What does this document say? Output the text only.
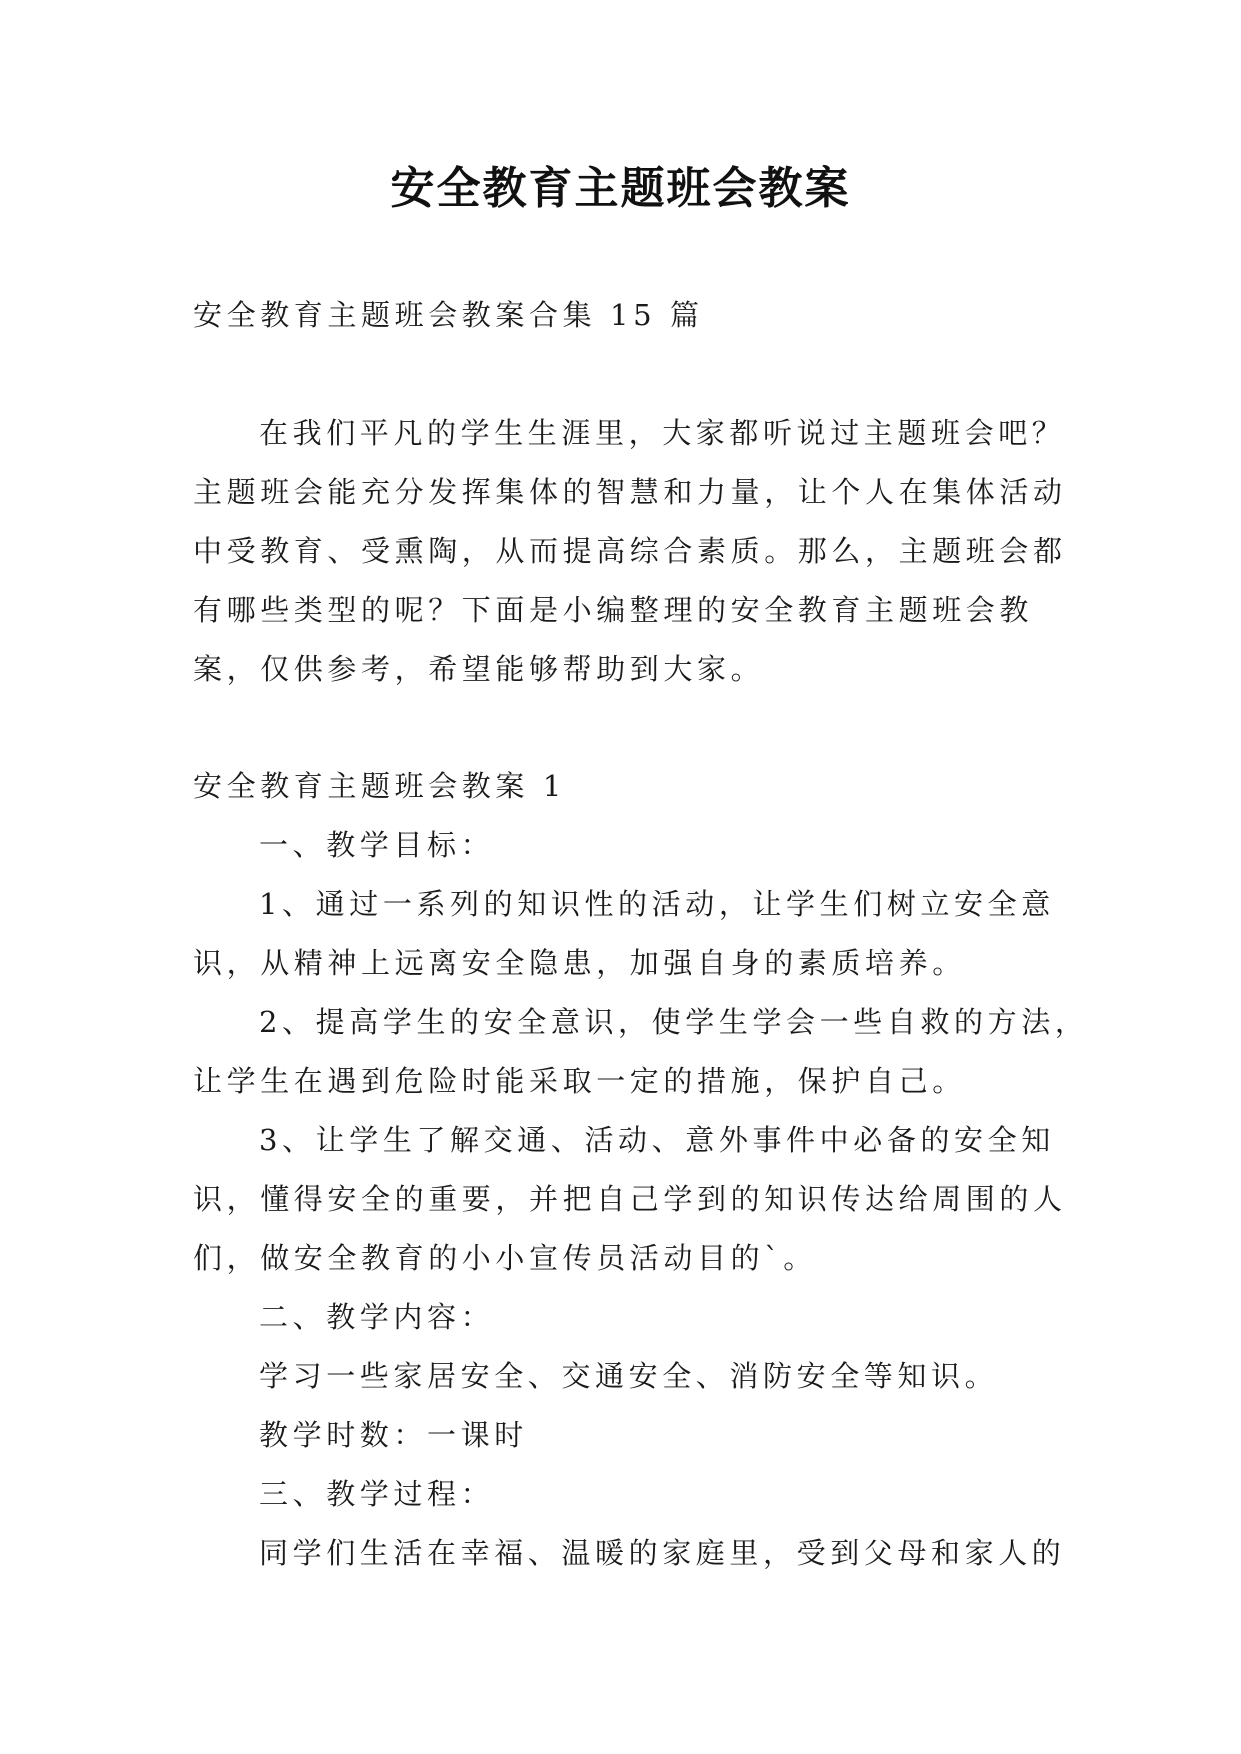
安全教育主题班会教案
安全教育主题班会教案合集 15 篇
在我们平凡的学生生涯里，大家都听说过主题班会吧？
主题班会能充分发挥集体的智慧和力量，让个人在集体活动
中受教育、受熏陶，从而提高综合素质。那么，主题班会都
有哪些类型的呢？下面是小编整理的安全教育主题班会教
案，仅供参考，希望能够帮助到大家。
安全教育主题班会教案 1
一、教学目标：
1、通过一系列的知识性的活动，让学生们树立安全意
识，从精神上远离安全隐患，加强自身的素质培养。
2、提高学生的安全意识，使学生学会一些自救的方法，
让学生在遇到危险时能采取一定的措施，保护自己。
3、让学生了解交通、活动、意外事件中必备的安全知
识，懂得安全的重要，并把自己学到的知识传达给周围的人
们，做安全教育的小小宣传员活动目的`。
二、教学内容：
学习一些家居安全、交通安全、消防安全等知识。
教学时数：一课时
三、教学过程：
同学们生活在幸福、温暖的家庭里，受到父母和家人的
